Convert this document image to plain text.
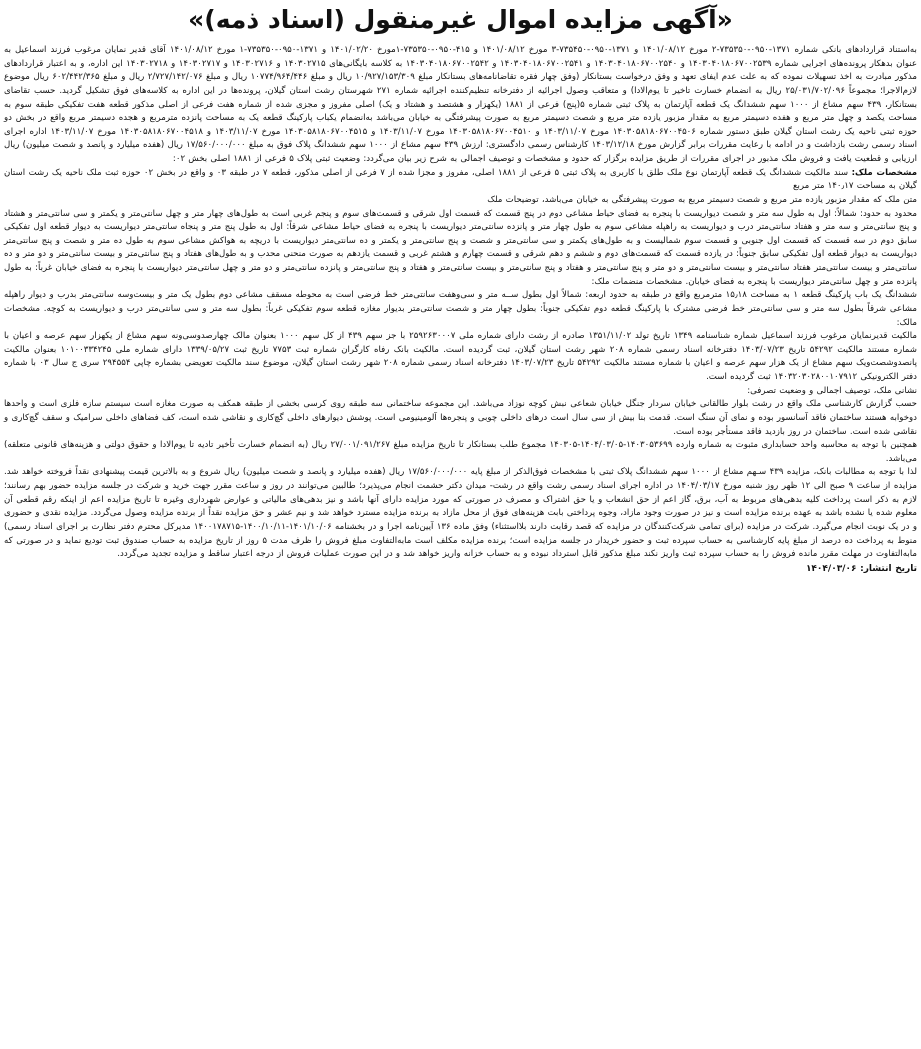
«آگهی مزایده اموال غیرمنقول (اسناد ذمه)»

به‌استناد قراردادهای بانکی شماره ۱۳۷۱-۰۹۵۰-۷۳۵۳۵۰-۲ مورخ ۱۴۰۱/۰۸/۱۲ و ۱۳۷۱-۰۹۵۰-۷۳۵۴۵۰-۳ مورخ ۱۴۰۱/۰۸/۱۲ و ۴۱۵-۰۹۵۰-۷۳۵۳۵۰-۱مورخ ۱۴۰۱/۰۲/۲۰ و ۱۳۷۱-۰۹۵۰-۷۳۵۳۵۰-۱ مورخ ۱۴۰۱/۰۸/۱۲ آقای قدیر نمایان مرغوب فرزند اسماعیل به عنوان بدهکار پرونده‌های اجرایی شماره ۱۴۰۳۰۴۰۱۸۰۶۷۰۰۲۵۳۹ و ۱۴۰۳۰۴۰۱۸۰۶۷۰۰۲۵۴۰ و ۱۴۰۳۰۴۰۱۸۰۶۷۰۰۲۵۴۱ و ۱۴۰۳۰۴۰۱۸۰۶۷۰۰۲۵۴۲ به کلاسه بایگانی‌های ۱۴۰۳۰۲۷۱۵ و ۱۴۰۳۰۲۷۱۶ و ۱۴۰۳۰۲۷۱۷ و ۱۴۰۳۰۲۷۱۸ این اداره، و به اعتبار قراردادهای مذکور مبادرت به اخذ تسهیلات نموده که به علت عدم ایفای تعهد و وفق درخواست بستانکار (وفق چهار فقره تقاضانامه‌های بستانکار مبلغ ۱۰/۹۲۷/۱۵۳/۳۰۹ ریال و مبلغ ۱۰۷۷۴/۹۶۴/۴۴۶ ریال و مبلغ ۲/۷۲۷/۱۴۲/۰۷۶ ریال و مبلغ ۶۰۲/۴۴۲/۳۶۵ ریال موضوع لازم‌الاجرا؛ مجموعاً ۲۵/۰۳۱/۷۰۲/۰۹۶ ریال به انضمام خسارت تاخیر تا یوم‌الادا) و متعاقب وصول اجرائیه از دفترخانه تنظیم‌کننده اجرائیه شماره ۲۷۱ شهرستان رشت استان گیلان، پرونده‌ها در این اداره به کلاسه‌های فوق تشکیل گردید. حسب تقاضای بستانکار، ۴۳۹ سهم مشاع از ۱۰۰۰ سهم ششدانگ یک قطعه آپارتمان به پلاک ثبتی شماره ۵(پنج) فرعی از ۱۸۸۱ (یکهزار و هشتصد و هشتاد و یک) اصلی مفروز و مجزی شده از شماره هفت فرعی از اصلی مذکور قطعه هفت تفکیکی طبقه سوم به مساحت یکصد و چهل متر مربع و هفده دسیمتر مربع به مقدار مزبور یازده متر مربع و شصت دسیمتر مربع به صورت پیشرفتگی به خیابان می‌باشد به‌انضمام یکباب پارکینگ قطعه یک به مساحت پانزده مترمربع و هجده دسیمتر مربع واقع در بخش دو حوزه ثبتی ناحیه یک رشت استان گیلان طبق دستور شماره ۱۴۰۳۰۵۸۱۸۰۶۷۰۰۴۵۰۶ مورخ ۱۴۰۳/۱۱/۰۷ و ۱۴۰۳۰۵۸۱۸۰۶۷۰۰۴۵۱۰ مورخ ۱۴۰۳/۱۱/۰۷ و ۱۴۰۳۰۵۸۱۸۰۶۷۰۰۴۵۱۵ مورخ ۱۴۰۳/۱۱/۰۷ و ۱۴۰۳۰۵۸۱۸۰۶۷۰۰۴۵۱۸ مورخ ۱۴۰۳/۱۱/۰۷ اداره اجرای اسناد رسمی رشت بازداشت و در ادامه با رعایت مقررات برابر گزارش مورخ ۱۴۰۳/۱۲/۱۸ کارشناس رسمی دادگستری: ارزش ۴۳۹ سهم مشاع از ۱۰۰۰ سهم ششدانگ پلاک فوق به مبلغ ۱۷/۵۶۰/۰۰۰/۰۰۰ ریال (هفده میلیارد و پانصد و شصت میلیون) ریال ارزیابی و قطعیت یافت و فروش ملک مذبور در اجرای مقررات از طریق مزایده برگزار که حدود و مشخصات و توصیف اجمالی به شرح زیر بیان می‌گردد: وضعیت ثبتی پلاک ۵ فرعی از ۱۸۸۱ اصلی بخش ۰۲:

مشخصات ملک: سند مالکیت ششدانگ یک قطعه آپارتمان نوع ملک طلق با کاربری به پلاک ثبتی ۵ فرعی از ۱۸۸۱ اصلی، مفروز و مجزا شده از ۷ فرعی از اصلی مذکور، قطعه ۷ در طبقه ۰۳ و واقع در بخش ۰۲ حوزه ثبت ملک ناحیه یک رشت استان گیلان به مساحت ۱۴۰٫۱۷ متر مربع

متن ملک که مقدار مزبور یازده متر مربع و شصت دسیمتر مربع به صورت پیشرفتگی به خیابان می‌باشد، توضیحات ملک

محدود به حدود: شمالاً: اول به طول سه متر و شصت دیواریست با پنجره به فضای حیاط مشاعی دوم در پنج قسمت که قسمت اول شرقی و قسمت‌های سوم و پنجم غربی است به طول‌های چهار متر و چهل سانتی‌متر و یکمتر و سی سانتی‌متر و هشتاد و پنج سانتی‌متر و سه متر و هفتاد سانتی‌متر درب و دیواریست به راهپله مشاعی سوم به طول چهار متر و پانزده سانتی‌متر دیواریست با پنجره به فضای حیاط مشاعی شرقاً: اول به طول پنج متر و پنجاه سانتی‌متر دیواریست به دیوار قطعه اول تفکیکی سابق دوم در سه قسمت که قسمت اول جنوبی و قسمت سوم شمالیست و به طول‌های یکمتر و سی سانتی‌متر و شصت و پنج سانتی‌متر و یکمتر و ده سانتی‌متر دیواریست با دریچه به هواکش مشاعی سوم به طول ده متر و شصت و پنج سانتی‌متر دیواریست به دیوار قطعه اول تفکیکی سابق جنوباً: در یازده قسمت که قسمت‌های دوم و ششم و دهم شرقی و قسمت چهارم و هشتم غربی و قسمت یازدهم به صورت منحنی محدب و به طول‌های هفتاد و پنج سانتی‌متر و بیست سانتی‌متر و دو متر و ده سانتی‌متر و بیست سانتی‌متر هفتاد سانتی‌متر و بیست سانتی‌متر و دو متر و پنج سانتی‌متر و هفتاد و پنج سانتی‌متر و بیست سانتی‌متر و هفتاد و پنج سانتی‌متر و پانزده سانتی‌متر و دو متر و چهل سانتی‌متر دیواریست با پنجره به فضای خیابان غرباً: به طول پانزده متر و چهل سانتی‌متر دیواریست با پنجره به فضای خیابان. مشخصات منضمات ملک:

ششدانگ یک باب پارکینگ قطعه ۱ به مساحت ۱۵٫۱۸ مترمربع واقع در طبقه به حدود اربعه: شمالاً اول بطول ســه متر و سی‌وهفت سانتی‌متر خط فرضی است به محوطه مسقف مشاعی دوم بطول یک متر و بیست‌وسه سانتی‌متر بدرب و دیوار راهپله مشاعی شرقاً بطول سه متر و سی سانتی‌متر خط فرضی مشترک با پارکینگ قطعه دوم تفکیکی جنوباً: بطول چهار متر و شصت سانتی‌متر بدیوار مغازه قطعه سوم تفکیکی غرباً: بطول سه متر و سی سانتی‌متر درب و دیواریست به کوچه. مشخصات مالک:

مالکیت قدیرنمایان مرغوب فرزند اسماعیل شماره شناسنامه ۱۳۴۹ تاریخ تولد ۱۳۵۱/۱۱/۰۲ صادره از رشت دارای شماره ملی ۲۵۹۲۶۳۰۰۰۷ با جز سهم ۴۳۹ از کل سهم ۱۰۰۰ بعنوان مالک چهارصدوسی‌ونه سهم مشاع از یکهزار سهم عرصه و اعیان با شماره مستند مالکیت ۵۴۲۹۲ تاریخ ۱۴۰۳/۰۷/۲۳ دفترخانه اسناد رسمی شماره ۲۰۸ شهر رشت استان گیلان، ثبت گردیده است. مالکیت بانک رفاه کارگران شماره ثبت ۷۷۵۳ تاریخ ثبت ۱۳۳۹/۰۵/۲۷ دارای شماره ملی ۱۰۱۰۰۳۳۴۲۴۵ بعنوان مالکیت پانصدوشصت‌ویک سهم مشاع از یک هزار سهم عرصه و اعیان با شماره مستند مالکیت ۵۴۲۹۲ تاریخ ۱۴۰۳/۰۷/۲۳ دفترخانه اسناد رسمی شماره ۲۰۸ شهر رشت استان گیلان، موضوع سند مالکیت تعویضی بشماره چاپی ۲۹۴۵۵۴ سری ج سال ۰۳ با شماره دفتر الکترونیکی ۱۴۰۳۲۰۳۰۲۸۰۰۱۰۷۹۱۲ ثبت گردیده است.

نشانی ملک، توصیف اجمالی و وضعیت تصرفی:

حسب گزارش کارشناسی ملک واقع در رشت بلوار طالقانی خیابان سردار جنگل خیابان شعاعی نبش کوچه نوزاد می‌باشد. این مجموعه ساختمانی سه طبقه روی کرسی بخشی از طبقه همکف به صورت مغازه است سیستم سازه فلزی است و واحدها دوخوابه هستند ساختمان فاقد آسانسور بوده و نمای آن سنگ است. قدمت بنا بیش از سی سال است درهای داخلی چوبی و پنجره‌ها آلومینیومی است. پوشش دیوارهای داخلی گچ‌کاری و نقاشی شده است، کف فضاهای داخلی سرامیک و سقف گچ‌کاری و نقاشی شده است. ساختمان در روز بازدید فاقد مستأجر بوده است.

همچنین با توجه به محاسبه واحد حسابداری مثبوت به شماره وارده ۱۴۰۳۰۵۳۶۹۹-۱۴۰۴/۰۳/۰۵-۱۴۰۳۰۵ مجموع طلب بستانکار تا تاریخ مزایده مبلغ ۲۷/۰۰۱/۰۹۱/۲۶۷ ریال (به انضمام خسارت تأخیر تادیه تا یوم‌الادا و حقوق دولتی و هزینه‌های قانونی متعلقه) می‌باشد.

لذا با توجه به مطالبات بانک، مزایده ۴۳۹ سـهم مشاع از ۱۰۰۰ سهم ششدانگ پلاک ثبتی با مشخصات فوق‌الذکر از مبلغ پایه ۱۷/۵۶۰/۰۰۰/۰۰۰ ریال (هفده میلیارد و پانصد و شصت میلیون) ریال شروع و به بالاترین قیمت پیشنهادی نقداً فروخته خواهد شد. مزایده از ساعت ۹ صبح الی ۱۲ ظهر روز شنبه مورخ ۱۴۰۴/۰۳/۱۷ در اداره اجرای اسناد رسمی رشت واقع در رشت- میدان دکتر حشمت انجام می‌پذیرد؛ طالبین می‌توانند در روز و ساعت مقرر جهت خرید و شرکت در جلسه مزایده حضور بهم رسانند؛ لازم به ذکر است پرداخت کلیه بدهی‌های مربوط به آب، برق، گاز اعم از حق انشعاب و یا حق اشتراک و مصرف در صورتی که مورد مزایده دارای آنها باشد و نیز بدهی‌های مالیاتی و عوارض شهرداری وغیره تا تاریخ مزایده اعم از اینکه رقم قطعی آن معلوم شده یا نشده باشد به عهده برنده مزایده است و نیز در صورت وجود مازاد، وجوه پرداختی بابت هزینه‌های فوق از محل مازاد به برنده مزایده مسترد خواهد شد و نیم عشر و حق مزایده نقداً از برنده مزایده وصول می‌گردد. مزایده نقدی و حضوری و در یک نوبت انجام می‌گیرد. شرکت در مزایده (برای تمامی شرکت‌کنندگان در مزایده که قصد رقابت دارند بلااستثناء) وفق ماده ۱۳۶ آیین‌نامه اجرا و در بخشنامه ۱۴۰۱/۱۰/۰۶-۱۴۰۰/۱۰/۱۱-۱۴۰۰۱۷۸۷۱۵ مدیرکل محترم دفتر نظارت بر اجرای اسناد رسمی) منوط به پرداخت ده درصد از مبلغ پایه کارشناسی به حساب سپرده ثبت و حضور خریدار در جلسه مزایده است؛ برنده مزایده مکلف است مابه‌التفاوت مبلغ فروش را ظرف مدت ۵ روز از تاریخ مزایده به حساب صندوق ثبت تودیع نماید و در صورتی که مابه‌التفاوت در مهلت مقرر مانده فروش را به حساب سپرده ثبت واریز نکند مبلغ مذکور قابل استرداد نبوده و به حساب خزانه واریز خواهد شد و در این صورت عملیات فروش از درجه اعتبار ساقط و مزایده تجدید می‌گردد.

تاریخ انتشار: ۱۴۰۴/۰۳/۰۶
